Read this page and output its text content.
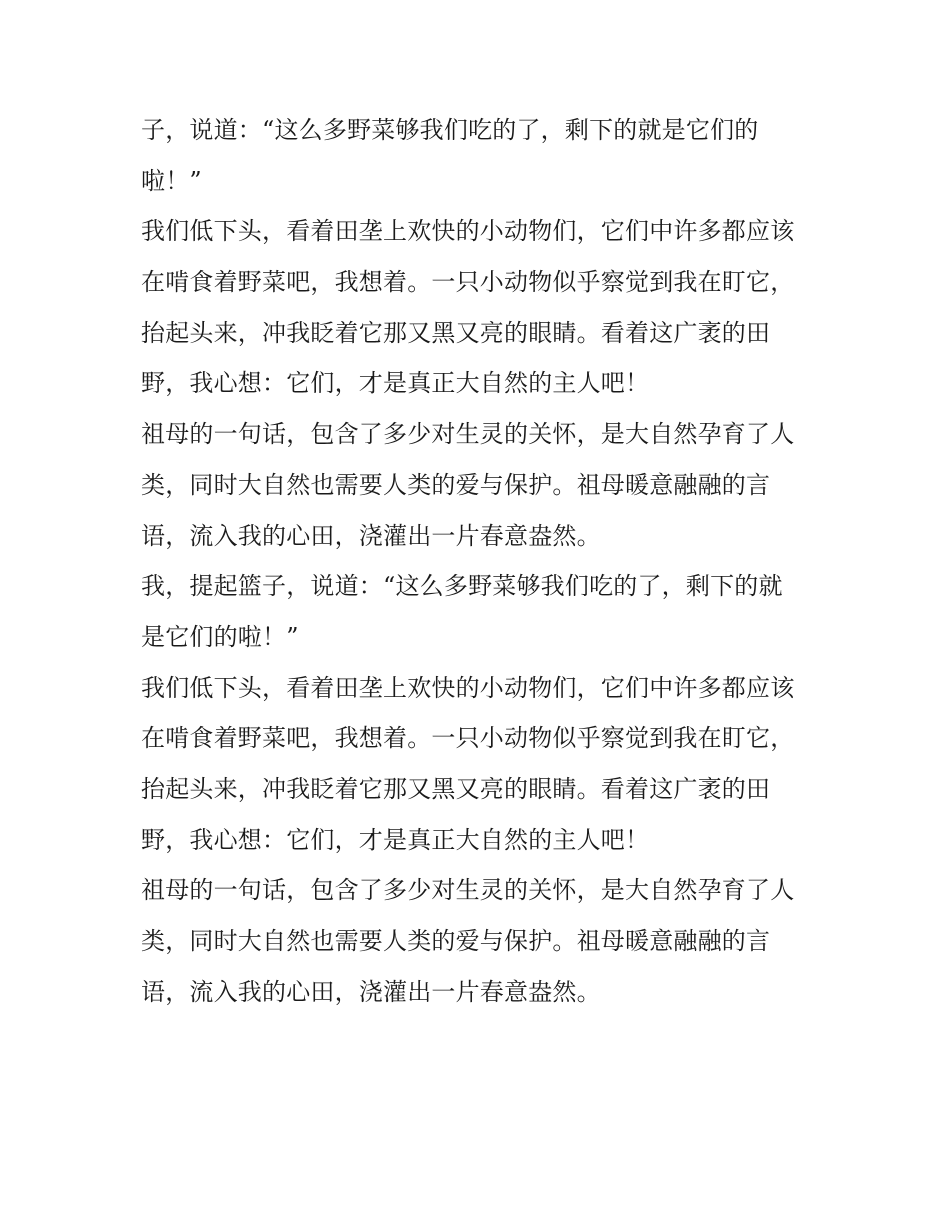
子，说道：“这么多野菜够我们吃的了，剩下的就是它们的
啦！”
我们低下头，看着田垄上欢快的小动物们，它们中许多都应该
在啃食着野菜吧，我想着。一只小动物似乎察觉到我在盯它，
抬起头来，冲我眨着它那又黑又亮的眼睛。看着这广袤的田
野，我心想：它们，才是真正大自然的主人吧！
祖母的一句话，包含了多少对生灵的关怀，是大自然孕育了人
类，同时大自然也需要人类的爱与保护。祖母暖意融融的言
语，流入我的心田，浇灌出一片春意盎然。
我，提起篮子，说道：“这么多野菜够我们吃的了，剩下的就
是它们的啦！”
我们低下头，看着田垄上欢快的小动物们，它们中许多都应该
在啃食着野菜吧，我想着。一只小动物似乎察觉到我在盯它，
抬起头来，冲我眨着它那又黑又亮的眼睛。看着这广袤的田
野，我心想：它们，才是真正大自然的主人吧！
祖母的一句话，包含了多少对生灵的关怀，是大自然孕育了人
类，同时大自然也需要人类的爱与保护。祖母暖意融融的言
语，流入我的心田，浇灌出一片春意盎然。
